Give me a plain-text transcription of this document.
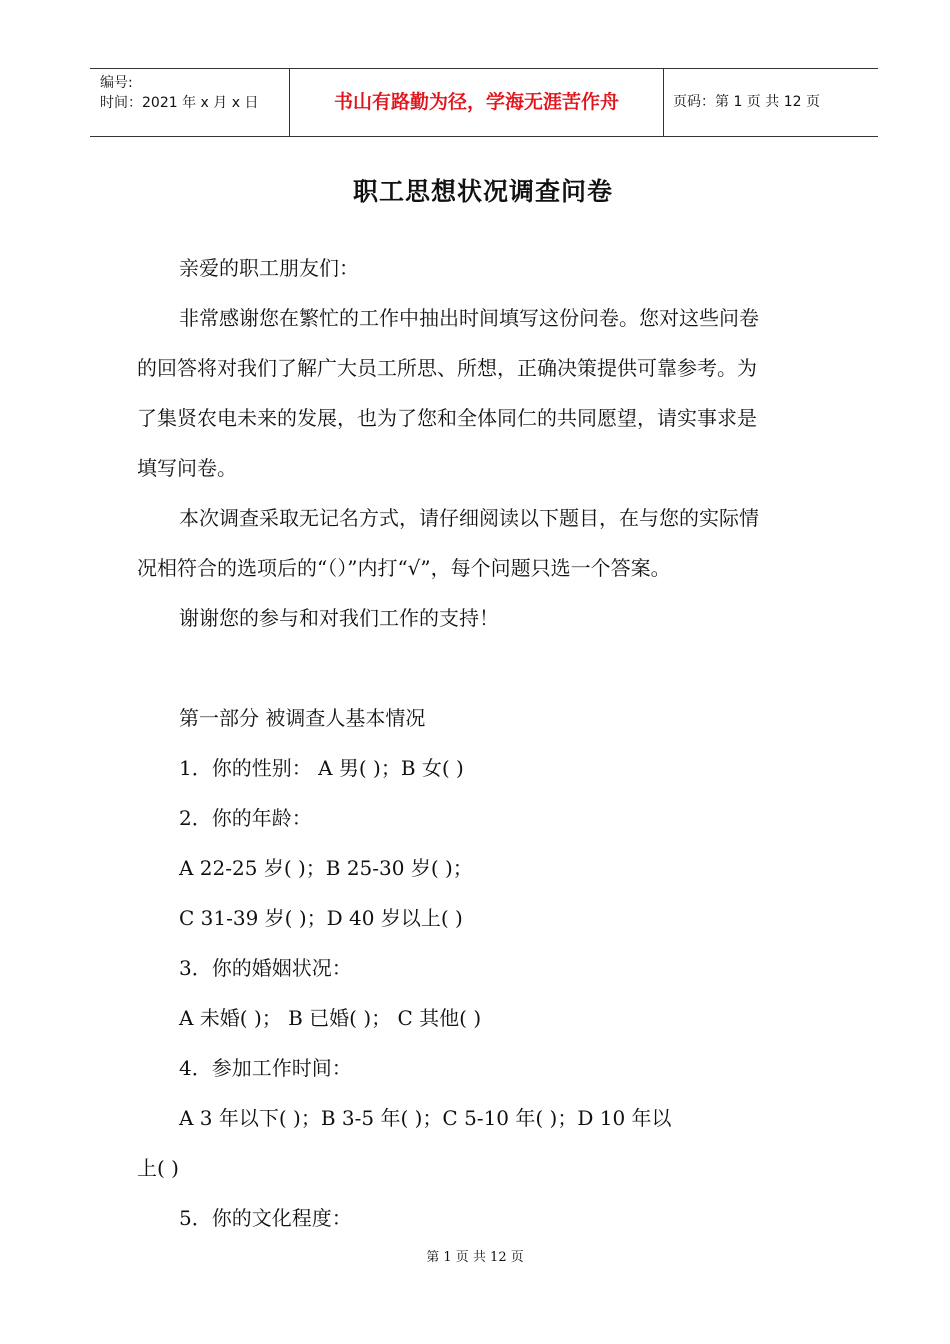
编号:
时间：2021 年 x 月 x 日	书山有路勤为径，学海无涯苦作舟	页码：第 1 页 共 12 页
职工思想状况调查问卷
亲爱的职工朋友们：
非常感谢您在繁忙的工作中抽出时间填写这份问卷。您对这些问卷
的回答将对我们了解广大员工所思、所想，正确决策提供可靠参考。为
了集贤农电未来的发展，也为了您和全体同仁的共同愿望，请实事求是
填写问卷。
本次调查采取无记名方式，请仔细阅读以下题目，在与您的实际情
况相符合的选项后的“（）”内打“√”，每个问题只选一个答案。
谢谢您的参与和对我们工作的支持！
第一部分 被调查人基本情况
1．你的性别： A 男( )；B 女( )
2．你的年龄：
A 22-25 岁( )；B 25-30 岁( )；
C 31-39 岁( )；D 40 岁以上( )
3．你的婚姻状况：
A 未婚( )； B 已婚( )； C 其他( )
4．参加工作时间：
A 3 年以下( )；B 3-5 年( )；C 5-10 年( )；D 10 年以
上( )
5．你的文化程度：
第 1 页 共 12 页
